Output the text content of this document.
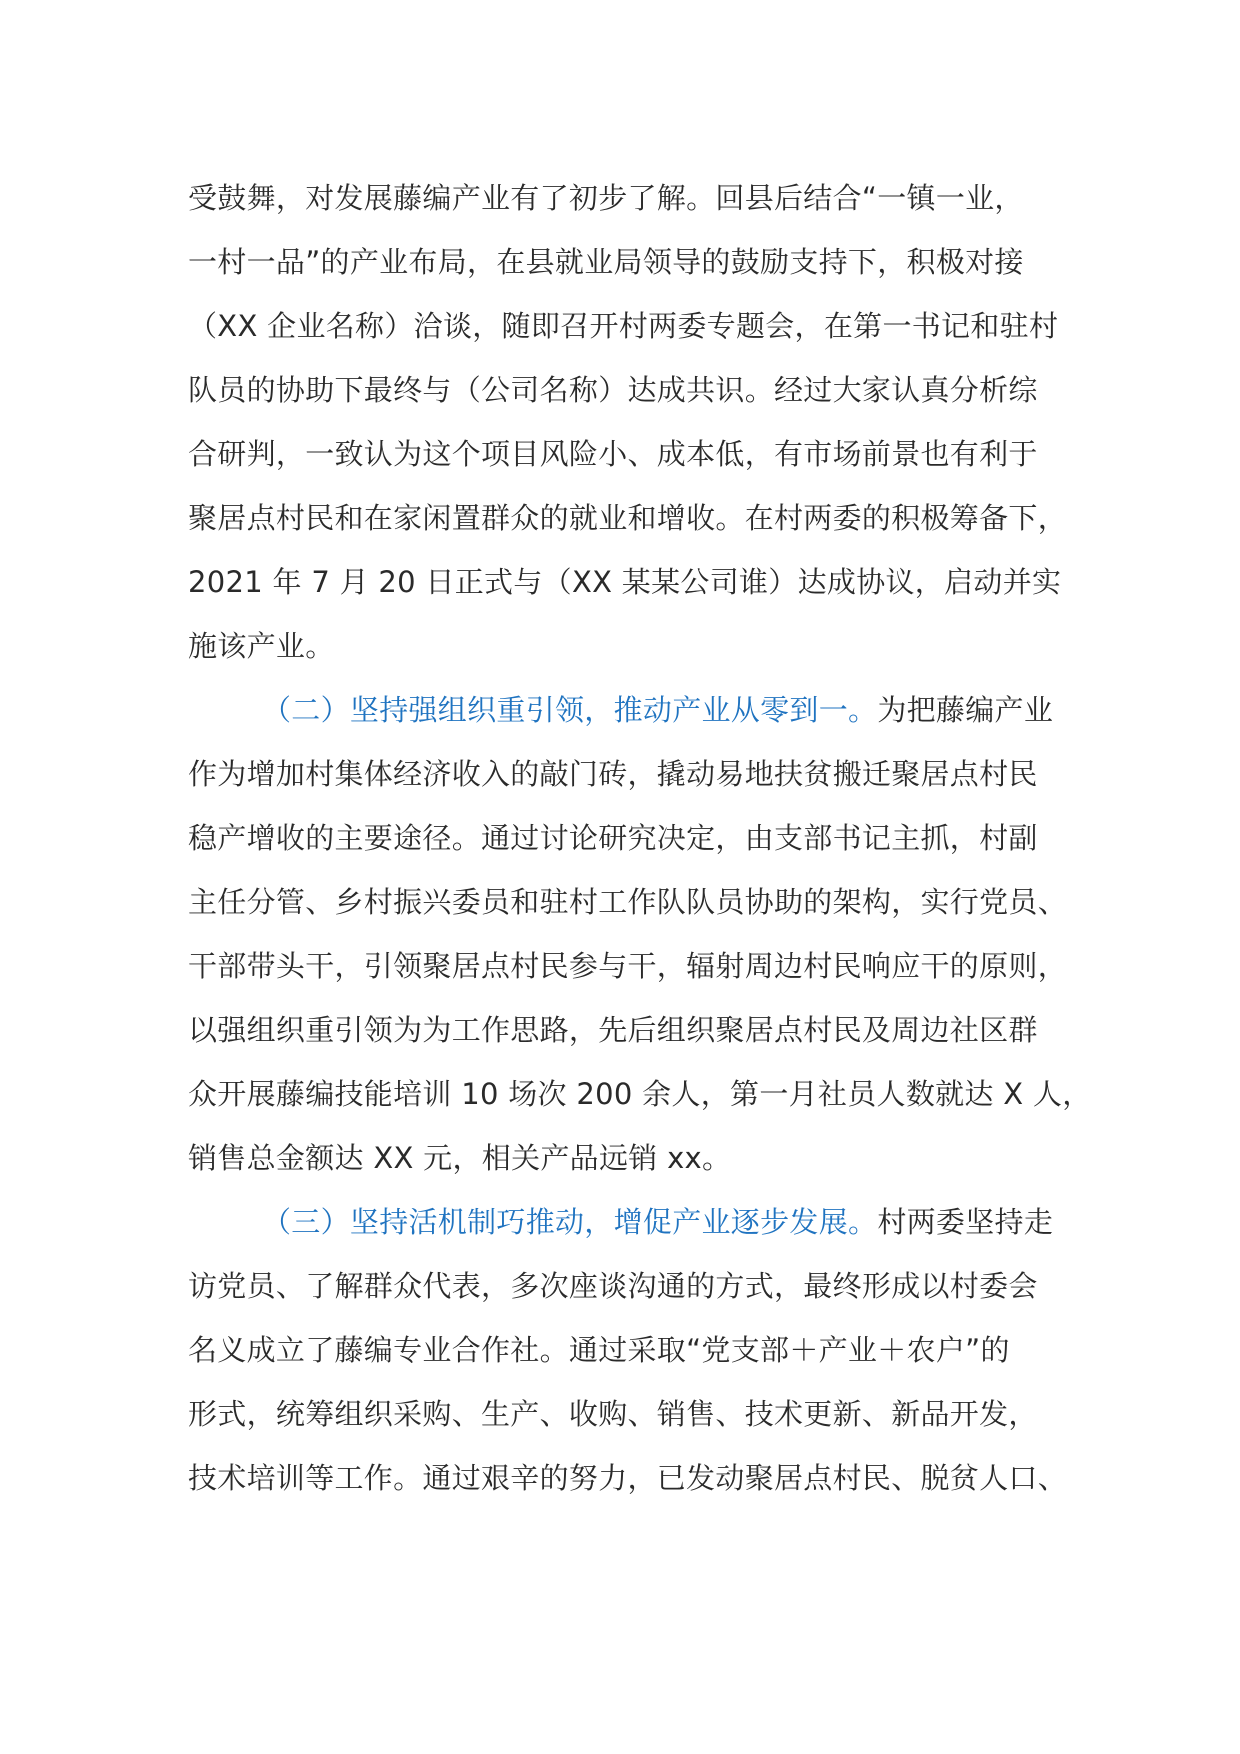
受鼓舞，对发展藤编产业有了初步了解。回县后结合“一镇一业，
一村一品”的产业布局，在县就业局领导的鼓励支持下，积极对接
（XX 企业名称）洽谈，随即召开村两委专题会，在第一书记和驻村
队员的协助下最终与（公司名称）达成共识。经过大家认真分析综
合研判，一致认为这个项目风险小、成本低，有市场前景也有利于
聚居点村民和在家闲置群众的就业和增收。在村两委的积极筹备下，
2021 年 7 月 20 日正式与（XX 某某公司谁）达成协议，启动并实
施该产业。
（二）坚持强组织重引领，推动产业从零到一。为把藤编产业
作为增加村集体经济收入的敲门砖，撬动易地扶贫搬迁聚居点村民
稳产增收的主要途径。通过讨论研究决定，由支部书记主抓，村副
主任分管、乡村振兴委员和驻村工作队队员协助的架构，实行党员、
干部带头干，引领聚居点村民参与干，辐射周边村民响应干的原则，
以强组织重引领为为工作思路，先后组织聚居点村民及周边社区群
众开展藤编技能培训 10 场次 200 余人，第一月社员人数就达 X 人，
销售总金额达 XX 元，相关产品远销 xx。
（三）坚持活机制巧推动，增促产业逐步发展。村两委坚持走
访党员、了解群众代表，多次座谈沟通的方式，最终形成以村委会
名义成立了藤编专业合作社。通过采取“党支部＋产业＋农户”的
形式，统筹组织采购、生产、收购、销售、技术更新、新品开发，
技术培训等工作。通过艰辛的努力，已发动聚居点村民、脱贫人口、
